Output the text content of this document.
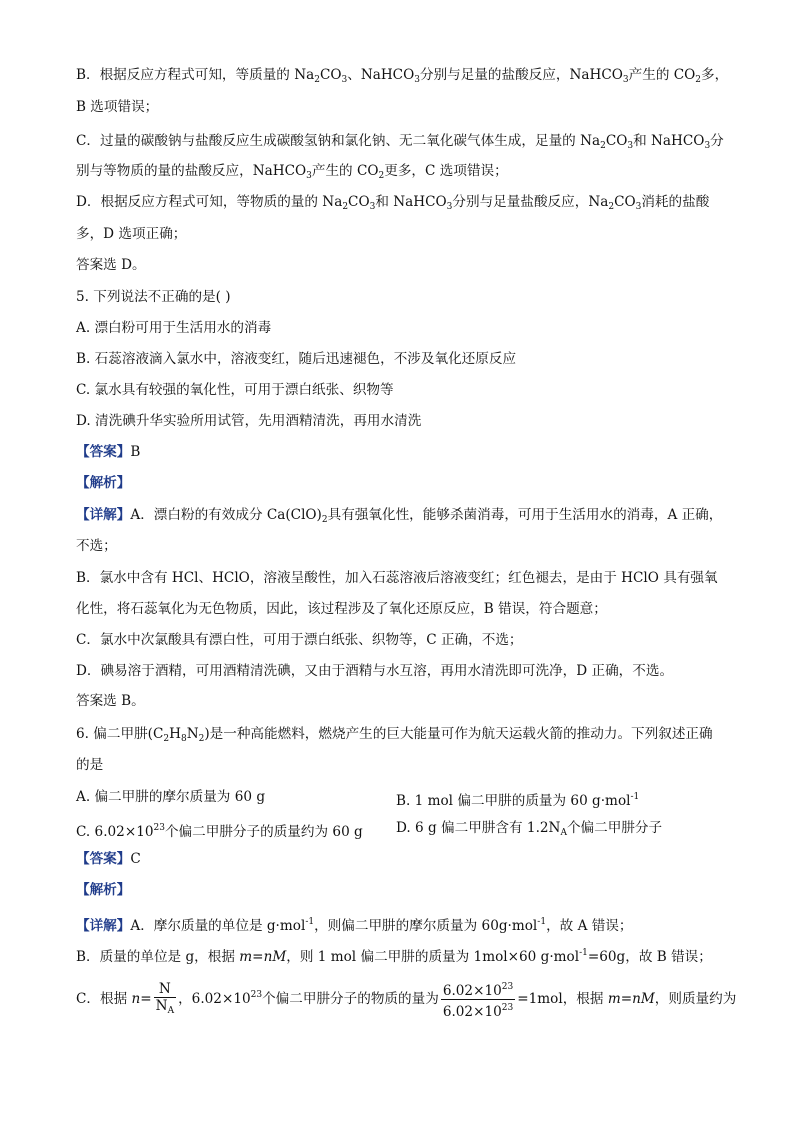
B．根据反应方程式可知，等质量的 $Na_2CO_3$、NaHCO$_3$分别与足量的盐酸反应，NaHCO$_3$产生的 $CO_2$多，
B 选项错误；
C．过量的碳酸钠与盐酸反应生成碳酸氢钠和氯化钠、无二氧化碳气体生成，足量的 $Na_2CO_3$和 NaHCO$_3$分
别与等物质的量的盐酸反应，NaHCO$_3$产生的 $CO_2$更多，C 选项错误；
D．根据反应方程式可知，等物质的量的 $Na_2CO_3$和 NaHCO$_3$分别与足量盐酸反应，$Na_2CO_3$消耗的盐酸
多，D 选项正确；
答案选 D。
5. 下列说法不正确的是( )
A. 漂白粉可用于生活用水的消毒
B. 石蕊溶液滴入氯水中，溶液变红，随后迅速褪色，不涉及氧化还原反应
C. 氯水具有较强的氧化性，可用于漂白纸张、织物等
D. 清洗碘升华实验所用试管，先用酒精清洗，再用水清洗
【答案】B
【解析】
【详解】A．漂白粉的有效成分 $Ca(ClO)_2$具有强氧化性，能够杀菌消毒，可用于生活用水的消毒，A 正确，
不选；
B．氯水中含有 HCl、HClO，溶液呈酸性，加入石蕊溶液后溶液变红；红色褪去，是由于 HClO 具有强氧
化性，将石蕊氧化为无色物质，因此，该过程涉及了氧化还原反应，B 错误，符合题意；
C．氯水中次氯酸具有漂白性，可用于漂白纸张、织物等，C 正确，不选；
D．碘易溶于酒精，可用酒精清洗碘，又由于酒精与水互溶，再用水清洗即可洗净，D 正确，不选。
答案选 B。
6. 偏二甲肼$(C_2H_8N_2)$是一种高能燃料，燃烧产生的巨大能量可作为航天运载火箭的推动力。下列叙述正确
的是
A. 偏二甲肼的摩尔质量为 60 g	B. 1 mol 偏二甲肼的质量为 60 g·mol$^{-1}$
C. $6.02\times 10^{23}$个偏二甲肼分子的质量约为 60 g D. 6 g 偏二甲肼含有 $1.2N_A$个偏二甲肼分子
【答案】C
【解析】
【详解】A．摩尔质量的单位是 g·mol$^{-1}$，则偏二甲肼的摩尔质量为 60g·mol$^{-1}$，故 A 错误；
B．质量的单位是 g，根据 m=nM，则 1 mol 偏二甲肼的质量为 1mol×60 g·mol$^{-1}$=60g，故 B 错误；
C．根据 $n= \frac{N}{N_A}$ ，$6.02\times 10^{23}$个偏二甲肼分子的物质的量为 $\frac{6.02\times 10^{23}}{6.02\times 10^{23}} =1mol$，根据 m=nM，则质量约为
